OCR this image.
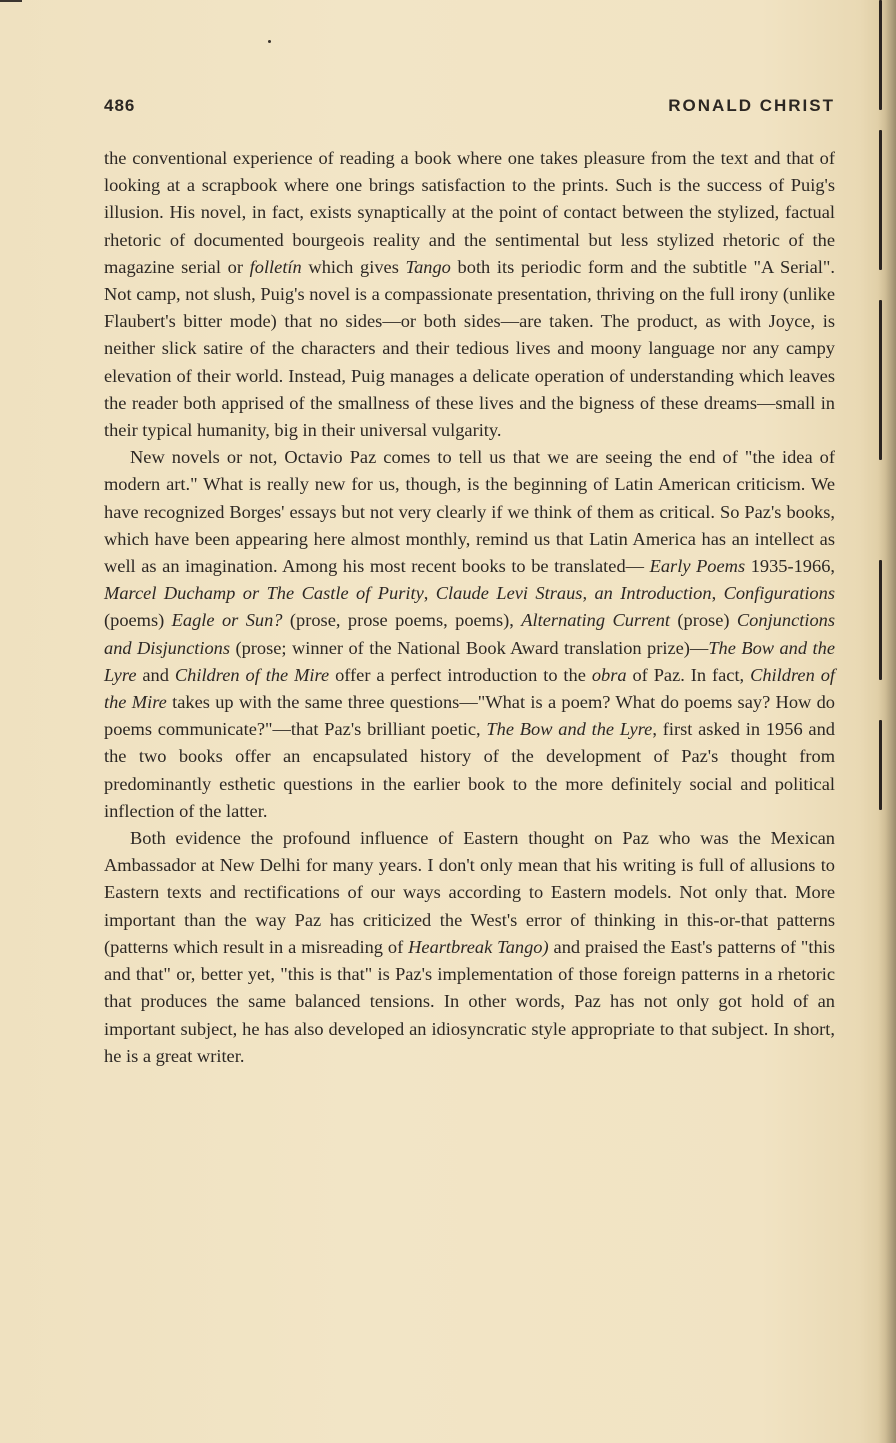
486	RONALD CHRIST

the conventional experience of reading a book where one takes pleasure from the text and that of looking at a scrapbook where one brings satisfaction to the prints. Such is the success of Puig's illusion. His novel, in fact, exists synaptically at the point of contact between the stylized, factual rhetoric of documented bourgeois reality and the sentimental but less stylized rhetoric of the magazine serial or folletín which gives Tango both its periodic form and the subtitle "A Serial". Not camp, not slush, Puig's novel is a compassionate presentation, thriving on the full irony (unlike Flaubert's bitter mode) that no sides—or both sides—are taken. The product, as with Joyce, is neither slick satire of the characters and their tedious lives and moony language nor any campy elevation of their world. Instead, Puig manages a delicate operation of understanding which leaves the reader both apprised of the smallness of these lives and the bigness of these dreams—small in their typical humanity, big in their universal vulgarity.

New novels or not, Octavio Paz comes to tell us that we are seeing the end of "the idea of modern art." What is really new for us, though, is the beginning of Latin American criticism. We have recognized Borges' essays but not very clearly if we think of them as critical. So Paz's books, which have been appearing here almost monthly, remind us that Latin America has an intellect as well as an imagination. Among his most recent books to be translated— Early Poems 1935-1966, Marcel Duchamp or The Castle of Purity, Claude Levi Straus, an Introduction, Configurations (poems) Eagle or Sun? (prose, prose poems, poems), Alternating Current (prose) Conjunctions and Disjunctions (prose; winner of the National Book Award translation prize)—The Bow and the Lyre and Children of the Mire offer a perfect introduction to the obra of Paz. In fact, Children of the Mire takes up with the same three questions—"What is a poem? What do poems say? How do poems communicate?"—that Paz's brilliant poetic, The Bow and the Lyre, first asked in 1956 and the two books offer an encapsulated history of the development of Paz's thought from predominantly esthetic questions in the earlier book to the more definitely social and political inflection of the latter.

Both evidence the profound influence of Eastern thought on Paz who was the Mexican Ambassador at New Delhi for many years. I don't only mean that his writing is full of allusions to Eastern texts and rectifications of our ways according to Eastern models. Not only that. More important than the way Paz has criticized the West's error of thinking in this-or-that patterns (patterns which result in a misreading of Heartbreak Tango) and praised the East's patterns of "this and that" or, better yet, "this is that" is Paz's implementation of those foreign patterns in a rhetoric that produces the same balanced tensions. In other words, Paz has not only got hold of an important subject, he has also developed an idiosyncratic style appropriate to that subject. In short, he is a great writer.
